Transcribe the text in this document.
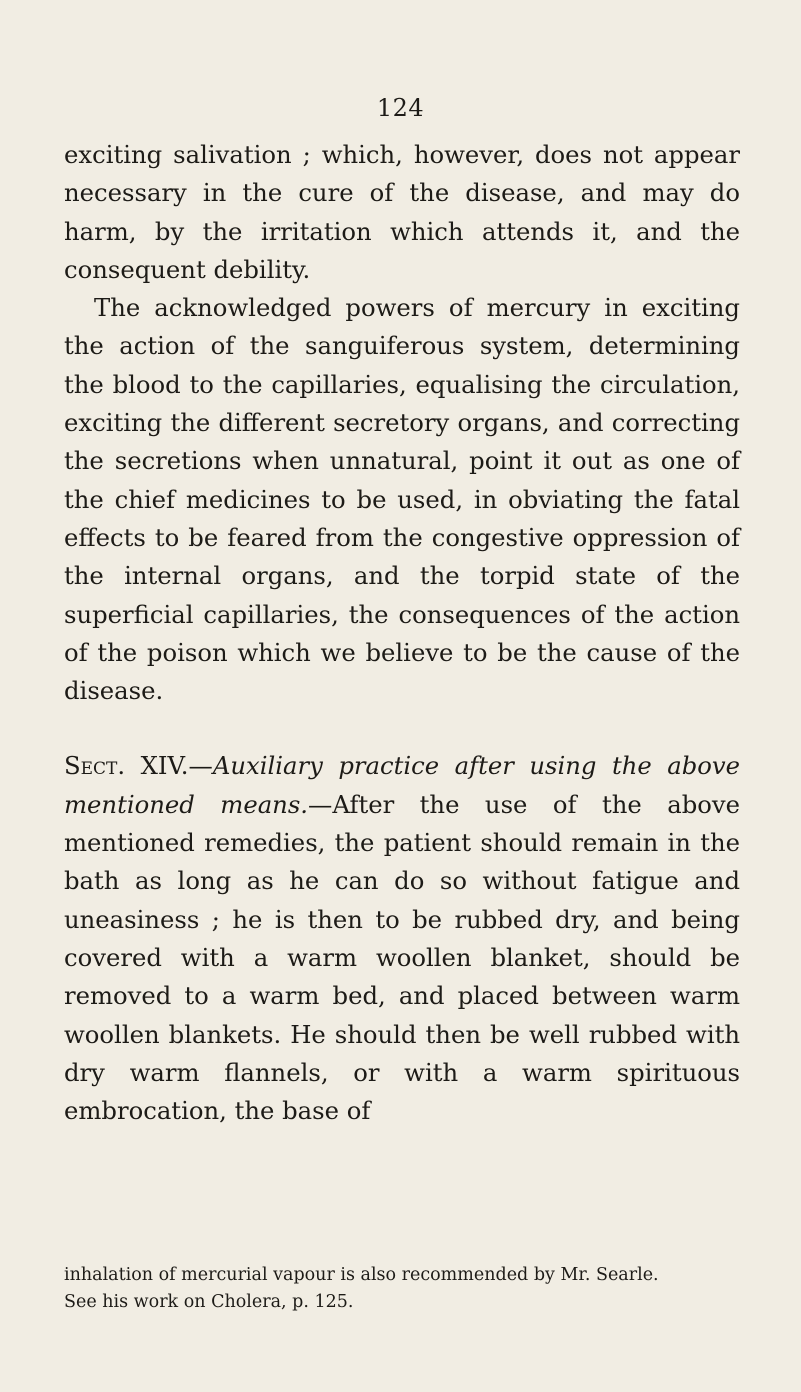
124

exciting salivation ; which, however, does not appear necessary in the cure of the disease, and may do harm, by the irritation which attends it, and the consequent debility.

The acknowledged powers of mercury in exciting the action of the sanguiferous system, determining the blood to the capillaries, equalising the circulation, exciting the different secretory organs, and correcting the secretions when unnatural, point it out as one of the chief medicines to be used, in obviating the fatal effects to be feared from the congestive oppression of the internal organs, and the torpid state of the superficial capillaries, the consequences of the action of the poison which we believe to be the cause of the disease.

Sect. XIV.—Auxiliary practice after using the above mentioned means.—After the use of the above mentioned remedies, the patient should remain in the bath as long as he can do so without fatigue and uneasiness ; he is then to be rubbed dry, and being covered with a warm woollen blanket, should be removed to a warm bed, and placed between warm woollen blankets. He should then be well rubbed with dry warm flannels, or with a warm spirituous embrocation, the base of

inhalation of mercurial vapour is also recommended by Mr. Searle.

See his work on Cholera, p. 125.
